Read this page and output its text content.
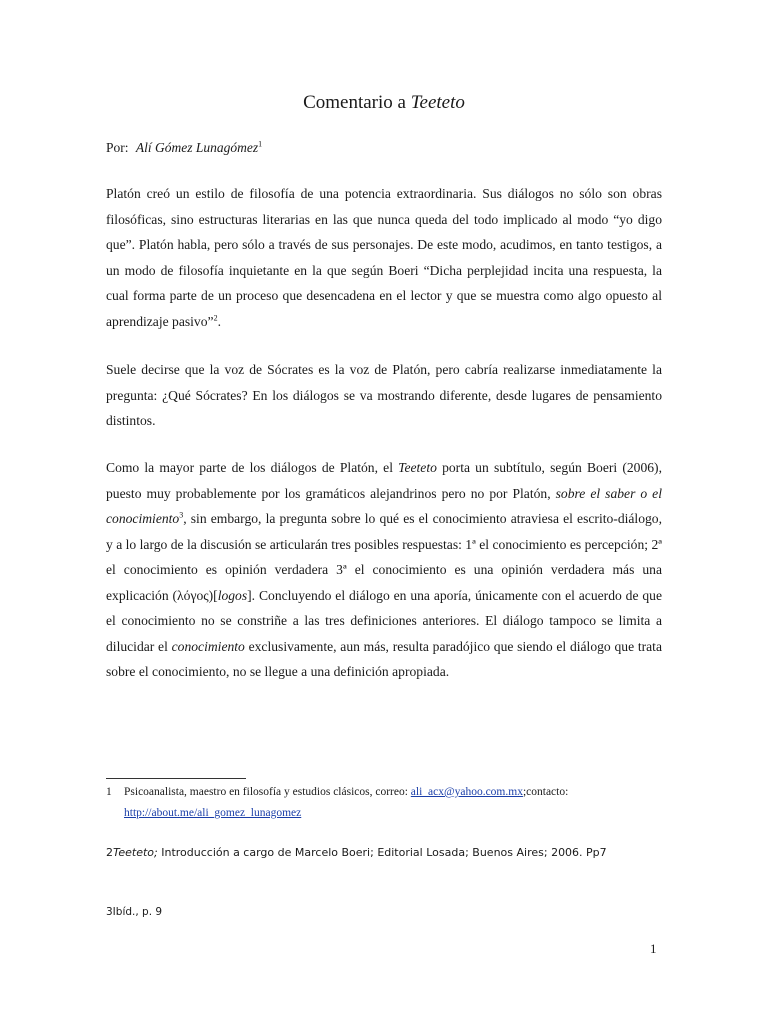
Comentario a Teeteto
Por: Alí Gómez Lunagómez$^1$

Platón creó un estilo de filosofía de una potencia extraordinaria. Sus diálogos no sólo son obras filosóficas, sino estructuras literarias en las que nunca queda del todo implicado al modo “yo digo que”. Platón habla, pero sólo a través de sus personajes. De este modo, acudimos, en tanto testigos, a un modo de filosofía inquietante en la que según Boeri “Dicha perplejidad incita una respuesta, la cual forma parte de un proceso que desencadena en el lector y que se muestra como algo opuesto al aprendizaje pasivo”$^2$.

Suele decirse que la voz de Sócrates es la voz de Platón, pero cabría realizarse inmediatamente la pregunta: ¿Qué Sócrates? En los diálogos se va mostrando diferente, desde lugares de pensamiento distintos.

Como la mayor parte de los diálogos de Platón, el Teeteto porta un subtítulo, según Boeri (2006), puesto muy probablemente por los gramáticos alejandrinos pero no por Platón, sobre el saber o el conocimiento$^3$, sin embargo, la pregunta sobre lo qué es el conocimiento atraviesa el escrito-diálogo, y a lo largo de la discusión se articularán tres posibles respuestas: 1ª el conocimiento es percepción; 2ª el conocimiento es opinión verdadera 3ª el conocimiento es una opinión verdadera más una explicación (λόγος)[logos]. Concluyendo el diálogo en una aporía, únicamente con el acuerdo de que el conocimiento no se constriñe a las tres definiciones anteriores. El diálogo tampoco se limita a dilucidar el conocimiento exclusivamente, aun más, resulta paradójico que siendo el diálogo que trata sobre el conocimiento, no se llegue a una definición apropiada.

1 Psicoanalista, maestro en filosofía y estudios clásicos, correo: ali_acx@yahoo.com.mx;contacto:
http://about.me/ali_gomez_lunagomez
2Teeteto; Introducción a cargo de Marcelo Boeri; Editorial Losada; Buenos Aires; 2006. Pp7
3Ibíd., p. 9
1
